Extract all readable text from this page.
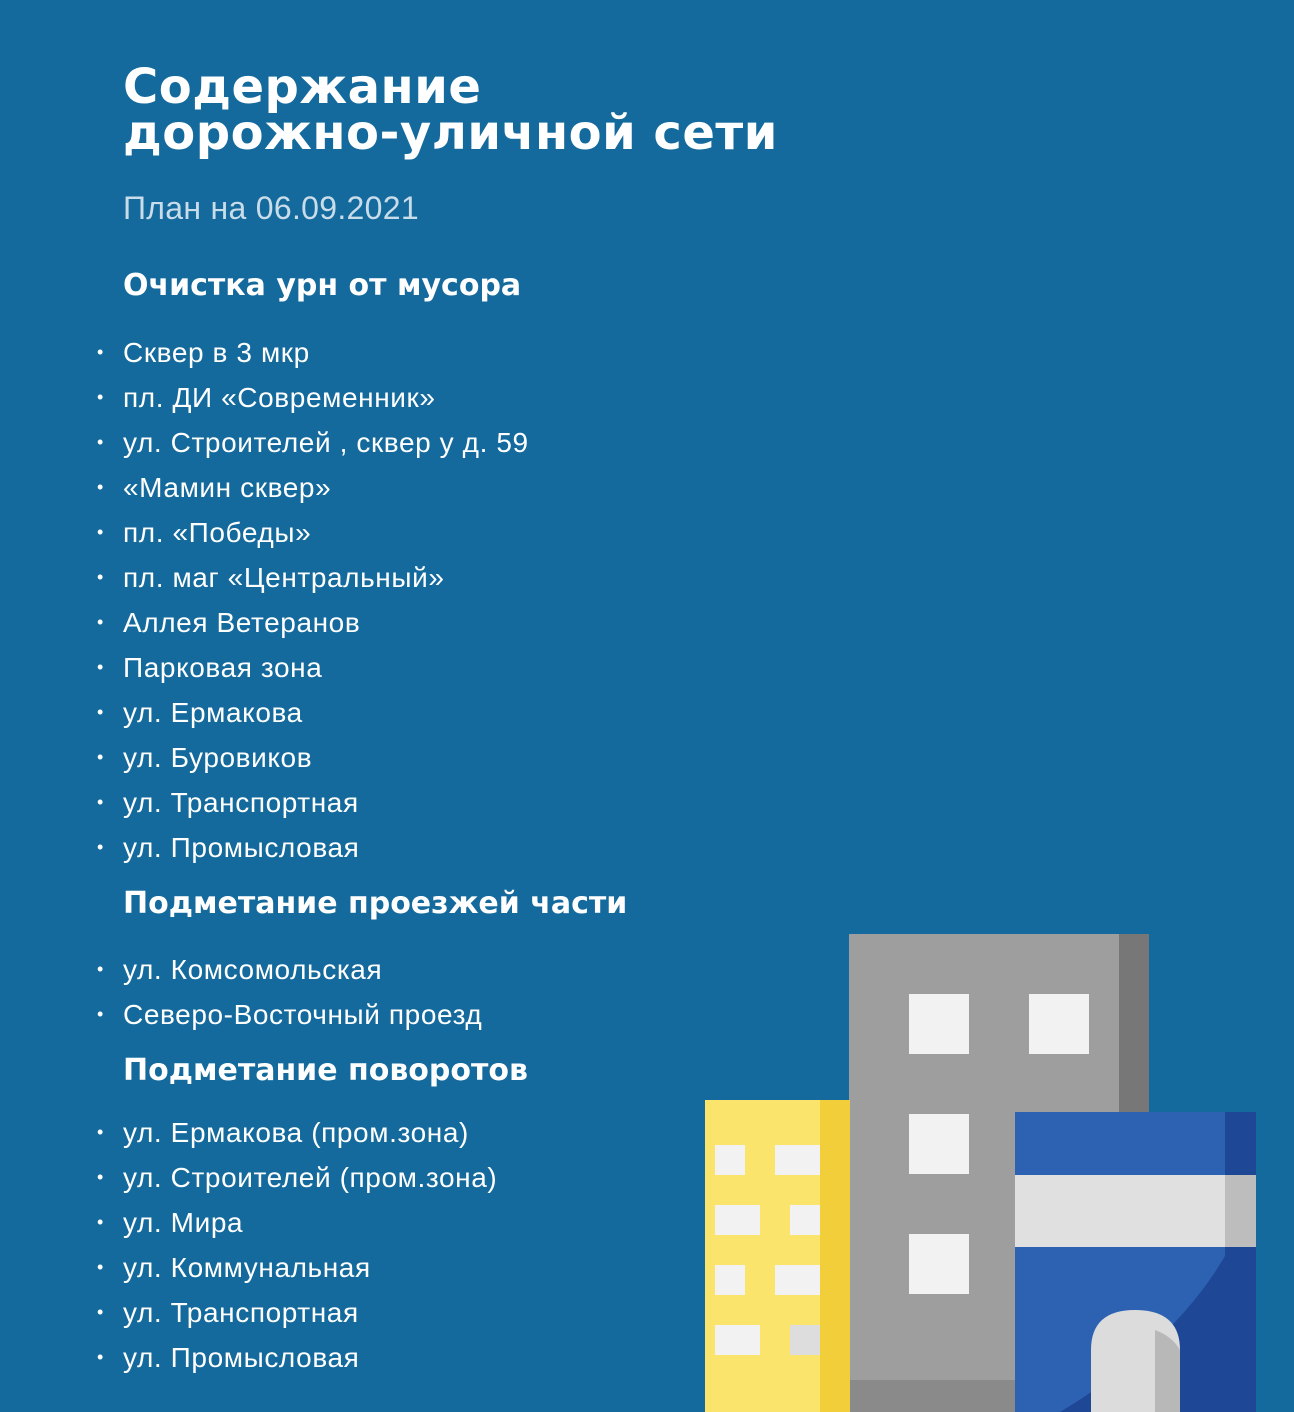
Содержание
дорожно-уличной сети

План на 06.09.2021

Очистка урн от мусора
• Сквер в 3 мкр
• пл. ДИ «Современник»
• ул. Строителей , сквер у д. 59
• «Мамин сквер»
• пл. «Победы»
• пл. маг «Центральный»
• Аллея Ветеранов
• Парковая зона
• ул. Ермакова
• ул. Буровиков
• ул. Транспортная
• ул. Промысловая
Подметание проезжей части
• ул. Комсомольская
• Северо-Восточный проезд
Подметание поворотов
• ул. Ермакова (пром.зона)
• ул. Строителей (пром.зона)
• ул. Мира
• ул. Коммунальная
• ул. Транспортная
• ул. Промысловая
